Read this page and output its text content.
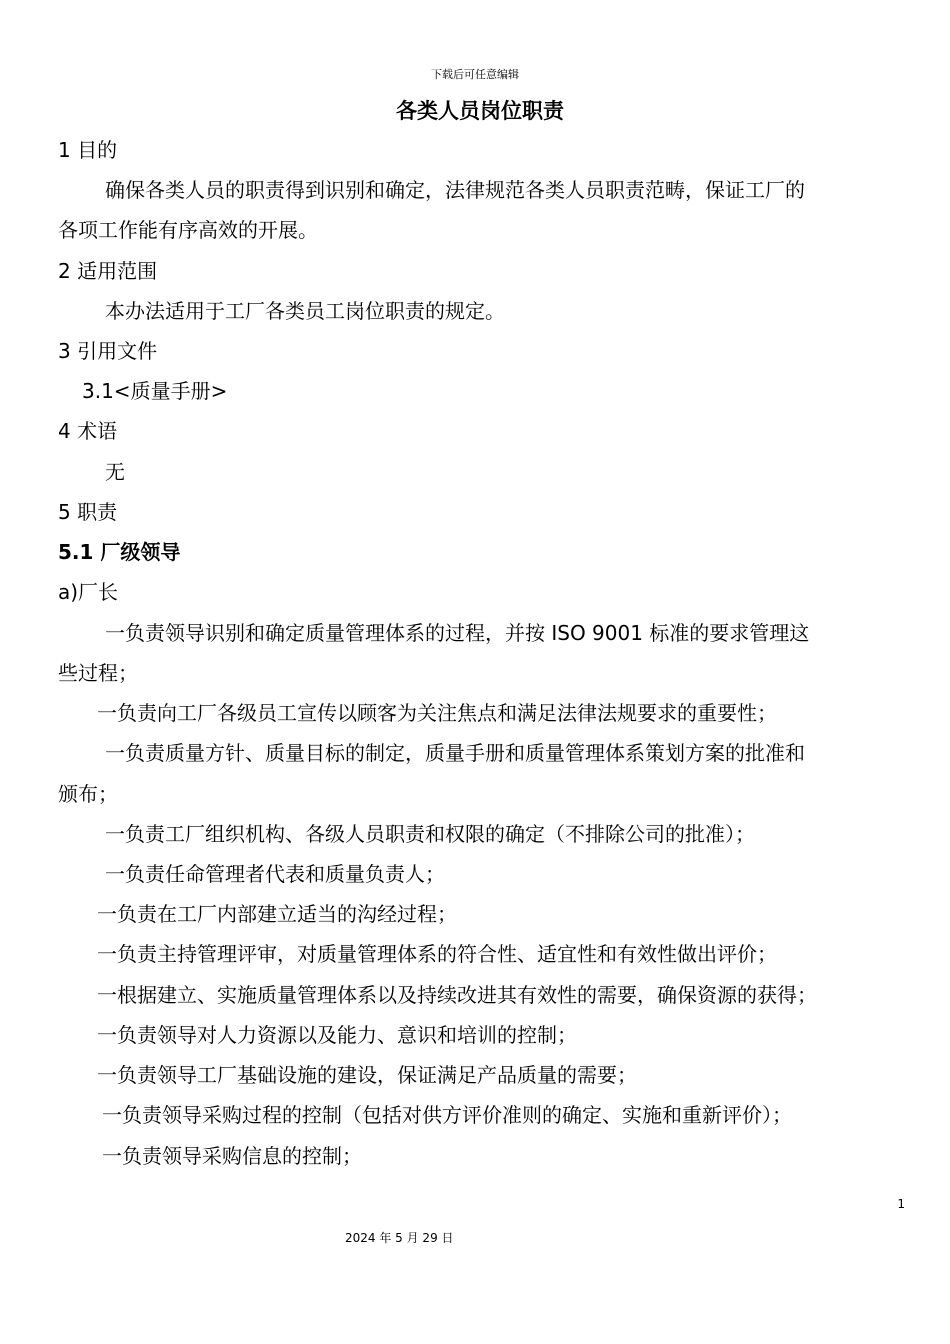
下载后可任意编辑
各类人员岗位职责
1 目的
确保各类人员的职责得到识别和确定，法律规范各类人员职责范畴，保证工厂的
各项工作能有序高效的开展。
2 适用范围
本办法适用于工厂各类员工岗位职责的规定。
3 引用文件
3.1<质量手册>
4 术语
无
5 职责
5.1 厂级领导
a)厂长
一负责领导识别和确定质量管理体系的过程，并按 ISO 9001 标准的要求管理这
些过程；
一负责向工厂各级员工宣传以顾客为关注焦点和满足法律法规要求的重要性；
一负责质量方针、质量目标的制定，质量手册和质量管理体系策划方案的批准和
颁布；
一负责工厂组织机构、各级人员职责和权限的确定（不排除公司的批准）；
一负责任命管理者代表和质量负责人；
一负责在工厂内部建立适当的沟经过程；
一负责主持管理评审，对质量管理体系的符合性、适宜性和有效性做出评价；
一根据建立、实施质量管理体系以及持续改进其有效性的需要，确保资源的获得；
一负责领导对人力资源以及能力、意识和培训的控制；
一负责领导工厂基础设施的建设，保证满足产品质量的需要；
一负责领导采购过程的控制（包括对供方评价准则的确定、实施和重新评价）；
一负责领导采购信息的控制；
1
2024 年 5 月 29 日
